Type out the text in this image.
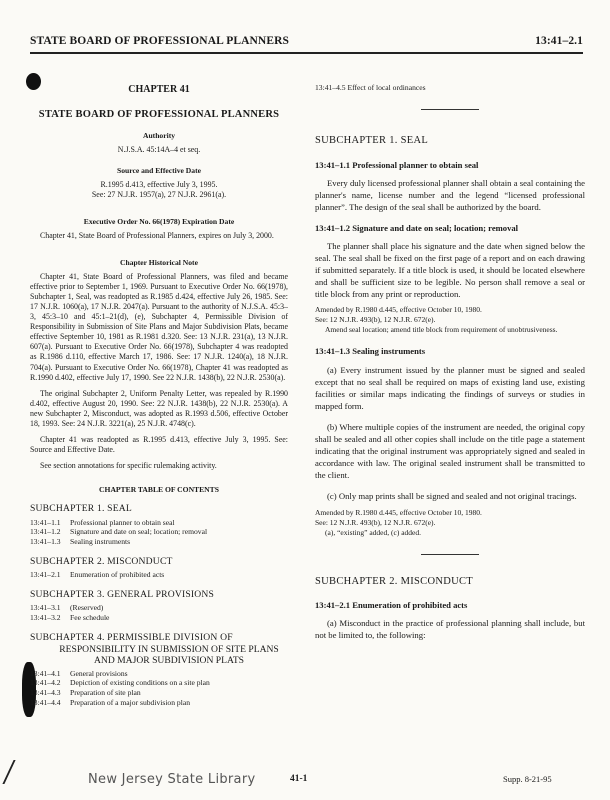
STATE BOARD OF PROFESSIONAL PLANNERS	13:41–2.1
CHAPTER 41
STATE BOARD OF PROFESSIONAL PLANNERS
Authority
N.J.S.A. 45:14A–4 et seq.
Source and Effective Date
R.1995 d.413, effective July 3, 1995.
See: 27 N.J.R. 1957(a), 27 N.J.R. 2961(a).
Executive Order No. 66(1978) Expiration Date

Chapter 41, State Board of Professional Planners, expires on July 3, 2000.

Chapter Historical Note

Chapter 41, State Board of Professional Planners, was filed and became effective prior to September 1, 1969. Pursuant to Executive Order No. 66(1978), Subchapter 1, Seal, was readopted as R.1985 d.424, effective July 26, 1985. See: 17 N.J.R. 1060(a), 17 N.J.R. 2047(a). Pursuant to the authority of N.J.S.A. 45:3–3, 45:3–10 and 45:1–21(d), (e), Subchapter 4, Permissible Division of Responsibility in Submission of Site Plans and Major Subdivision Plats, became effective September 10, 1981 as R.1981 d.320. See: 13 N.J.R. 231(a), 13 N.J.R. 607(a). Pursuant to Executive Order No. 66(1978), Subchapter 4 was readopted as R.1986 d.110, effective March 17, 1986. See: 17 N.J.R. 1240(a), 18 N.J.R. 704(a). Pursuant to Executive Order No. 66(1978), Chapter 41 was readopted as R.1990 d.402, effective July 17, 1990. See 22 N.J.R. 1438(b), 22 N.J.R. 2530(a).

The original Subchapter 2, Uniform Penalty Letter, was repealed by R.1990 d.402, effective August 20, 1990. See: 22 N.J.R. 1438(b), 22 N.J.R. 2530(a). A new Subchapter 2, Misconduct, was adopted as R.1993 d.506, effective October 18, 1993. See: 24 N.J.R. 3221(a), 25 N.J.R. 4748(c).

Chapter 41 was readopted as R.1995 d.413, effective July 3, 1995. See: Source and Effective Date.

See section annotations for specific rulemaking activity.

CHAPTER TABLE OF CONTENTS
SUBCHAPTER 1. SEAL
13:41–1.1	Professional planner to obtain seal
13:41–1.2	Signature and date on seal; location; removal
13:41–1.3	Sealing instruments
SUBCHAPTER 2. MISCONDUCT
13:41–2.1	Enumeration of prohibited acts
SUBCHAPTER 3. GENERAL PROVISIONS
13:41–3.1	(Reserved)
13:41–3.2	Fee schedule
SUBCHAPTER 4. PERMISSIBLE DIVISION OF
RESPONSIBILITY IN SUBMISSION OF SITE PLANS AND MAJOR SUBDIVISION PLATS
13:41–4.1	General provisions
13:41–4.2	Depiction of existing conditions on a site plan
13:41–4.3	Preparation of site plan
13:41–4.4	Preparation of a major subdivision plan
13:41–4.5 Effect of local ordinances
SUBCHAPTER 1. SEAL
13:41–1.1 Professional planner to obtain seal

Every duly licensed professional planner shall obtain a seal containing the planner's name, license number and the legend “licensed professional planner”. The design of the seal shall be authorized by the board.

13:41–1.2 Signature and date on seal; location; removal

The planner shall place his signature and the date when signed below the seal. The seal shall be fixed on the first page of a report and on each drawing if submitted separately. If a title block is used, it should be located elsewhere and shall be sufficient size to be legible. No person shall remove a seal or title block from any print or reproduction.

Amended by R.1980 d.445, effective October 10, 1980.
See: 12 N.J.R. 493(b), 12 N.J.R. 672(e).
Amend seal location; amend title block from requirement of unobtrusiveness.
13:41–1.3 Sealing instruments

(a) Every instrument issued by the planner must be signed and sealed except that no seal shall be required on maps of existing land use, existing facilities or similar maps indicating the findings of surveys or studies in mapped form.

(b) Where multiple copies of the instrument are needed, the original copy shall be sealed and all other copies shall include on the title page a statement indicating that the original instrument was appropriately signed and sealed in accordance with law. The original sealed instrument shall be transmitted to the client.

(c) Only map prints shall be signed and sealed and not original tracings.

Amended by R.1980 d.445, effective October 10, 1980.
See: 12 N.J.R. 493(b), 12 N.J.R. 672(e).
(a), “existing” added, (c) added.
SUBCHAPTER 2. MISCONDUCT
13:41–2.1 Enumeration of prohibited acts

(a) Misconduct in the practice of professional planning shall include, but not be limited to, the following:

New Jersey State Library	41-1	Supp. 8-21-95
